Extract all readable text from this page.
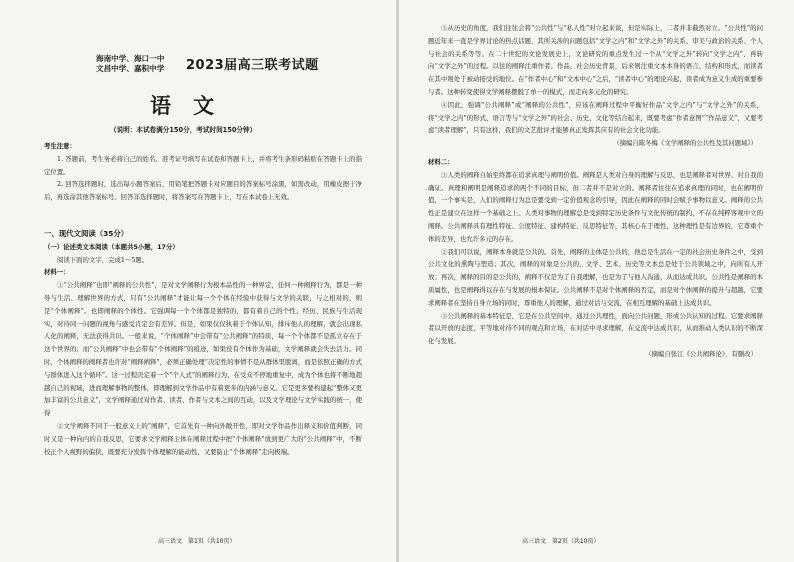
海南中学、海口一中
文昌中学、嘉积中学	2023届高三联考试题
语文
（说明：本试卷满分150分，考试时间150分钟）
考生注意：

1. 答题前，考生务必将自己的姓名、准考证号填写在试卷和答题卡上，并将考生条形码粘贴在答题卡上的指定位置。

2. 回答选择题时，选出每小题答案后，用铅笔把答题卡对应题目的答案标号涂黑，如需改动，用橡皮擦干净后，再选涂其他答案标号。回答非选择题时，将答案写在答题卡上，写在本试卷上无效。

一、现代文阅读（35分）
（一）论述类文本阅读（本题共5小题，17分）
阅读下面的文字，完成1～5题。
材料一：

①“公共阐释”也即“阐释的公共性”，是对文学阐释行为根本品性的一种界定，任何一种阐释行为，都是一种导与生活、理解世界的方式，只有“公共阐释”才能让每一个个体在经验中获得与文学的关联，与之相对的，则是“个体阐释”。也即阐释的个体性。它强调每一个个体都是独特的，都有着自己的个性、经历、民族与生活现实，对待同一问题的视角与感受肯定会有差异。但是，如果仅仅执着于个体认知，排斥他人的理解，就会出现私人化的阐释，无法获得共识。一般来说，“个体阐释”中会带有“公共阐释”的特质，每一个个体都不是孤立存在于这个世界的；而“公共阐释”中也会带有“个体阐释”的痕迹，如果没有个体作为基础，文学阐释就会失去活力。同时，个体阐释的阐释者也许对“阐释阐释”，必须正确处理“决定性的事情不是从群体里脱离，而是依照正确的方式与群体进入这个循环”。这一过程决定着一个“个人式”的阐释行为，在受众不停地重复中，成为个体也将不断地超越自己的视域，进而理解事物的整体，即理解到文学作品中有着更多的内涵与意义。它是更多要构建起“整体又更加丰富的公共意义”，文学阐释通过对作者、读者、作者与文本之间的互动，以及文学理论与文学实践的统一，使得

②文学阐释不同于一般意义上的“阐释”，它首先有一种向外敞开性，即对文学作品作出释义和价值判断，同时又是一种向内的自我反思，它要求文学阐释主体在阐释过程中把“个体阐释”放到更广大的“公共阐释”中，不断校正个人视野的偏狭，既要充分发挥个体理解的能动性，又要防止“个体阐释”走向极端。

高三语文　第1页（共10页）

③从历史的角度，我们往往会将“公共性”与“私人性”对立起来谈，但是实际上，二者并非截然对立。“公共性”的问题近年来一直是学界讨论的热点话题，其所关涉的问题包括“文学之内”和“文学之外”的关系、审美与政治的关系、个人与社会的关系等等。在二十世纪的文论发展史上，文论研究的重点发生过一个从“文学之外”转向“文学之内”、再转向“文学之外”的过程。以往的阐释注重作者、作品、社会历史背景，后来则注重文本本身的语言、结构和形式，而读者在其中则处于被动接受的地位。在“作者中心”和“文本中心”之后，“读者中心”的理论兴起，读者成为意义生成的重要参与者。这种转变使得文学阐释摆脱了单一的模式，而走向多元化的研究。

④因此，强调“公共阐释”或“阐释的公共性”，应该在阐释过程中平衡好作品“文学之内”与“文学之外”的关系，将“文学之内”的形式、语言等与“文学之外”的社会、历史、文化等结合起来，既要考虑“作者意图”“作品意义”，又要考虑“读者理解”，只有这样，我们的文艺批评才能够真正发挥其应有的社会文化功能。

（摘编自陈冬梅《文学阐释的公共性及其问题域》）
材料二：

①人类的阐释自始至终都在追求真理与阐明价值。阐释是人类对自身的理解与反思，也是阐释者对世界、对自我的确证。真理和阐明是阐释追求的两个不同的目标，但二者并不是对立的。阐释者往往在追求真理的同时，也在阐明价值，一个事实是，人们的阐释行为总是要受到一定价值观念的引导，因此在阐释的同时会赋予事物以意义。阐释的公共性正是建立在这样一个基础之上。人类对事物的理解总是受到特定历史条件与文化传统的制约，不存在纯粹客观中立的阐释。公共阐释具有理性特征、公度特征、建构特征、反思特征等，其核心在于理性，这种理性是有边界的，它尊重个体的差异，也允许多元的存在。

②我们可以说，阐释本身就是公共的。首先，阐释的主体是公共的，他总是生活在一定的社会历史条件之中，受到公共文化的熏陶与塑造；其次，阐释的对象是公共的，文学、艺术、历史等文本总是处于公共领域之中，向所有人开放；再次，阐释的目的是公共的，阐释不仅是为了自我理解，也是为了与他人沟通，从而达成共识。公共性是阐释的本质属性，也是阐释得以存在与发展的根本保证。公共阐释不是对个体阐释的否定，而是对个体阐释的提升与超越，它要求阐释者在坚持自身立场的同时，尊重他人的理解，通过对话与交流，在相互理解的基础上达成共识。

③公共阐释的基本特征是，它是在公共空间中，通过公共理性，面向公共问题，形成公共认知的过程。它要求阐释者以开放的态度，平等地对待不同的观点和立场，在对话中寻求理解，在交流中达成共识，从而推动人类认识的不断深化与发展。

（摘编自张江《公共阐释论》，有删改）
高三语文　第2页（共10页）
